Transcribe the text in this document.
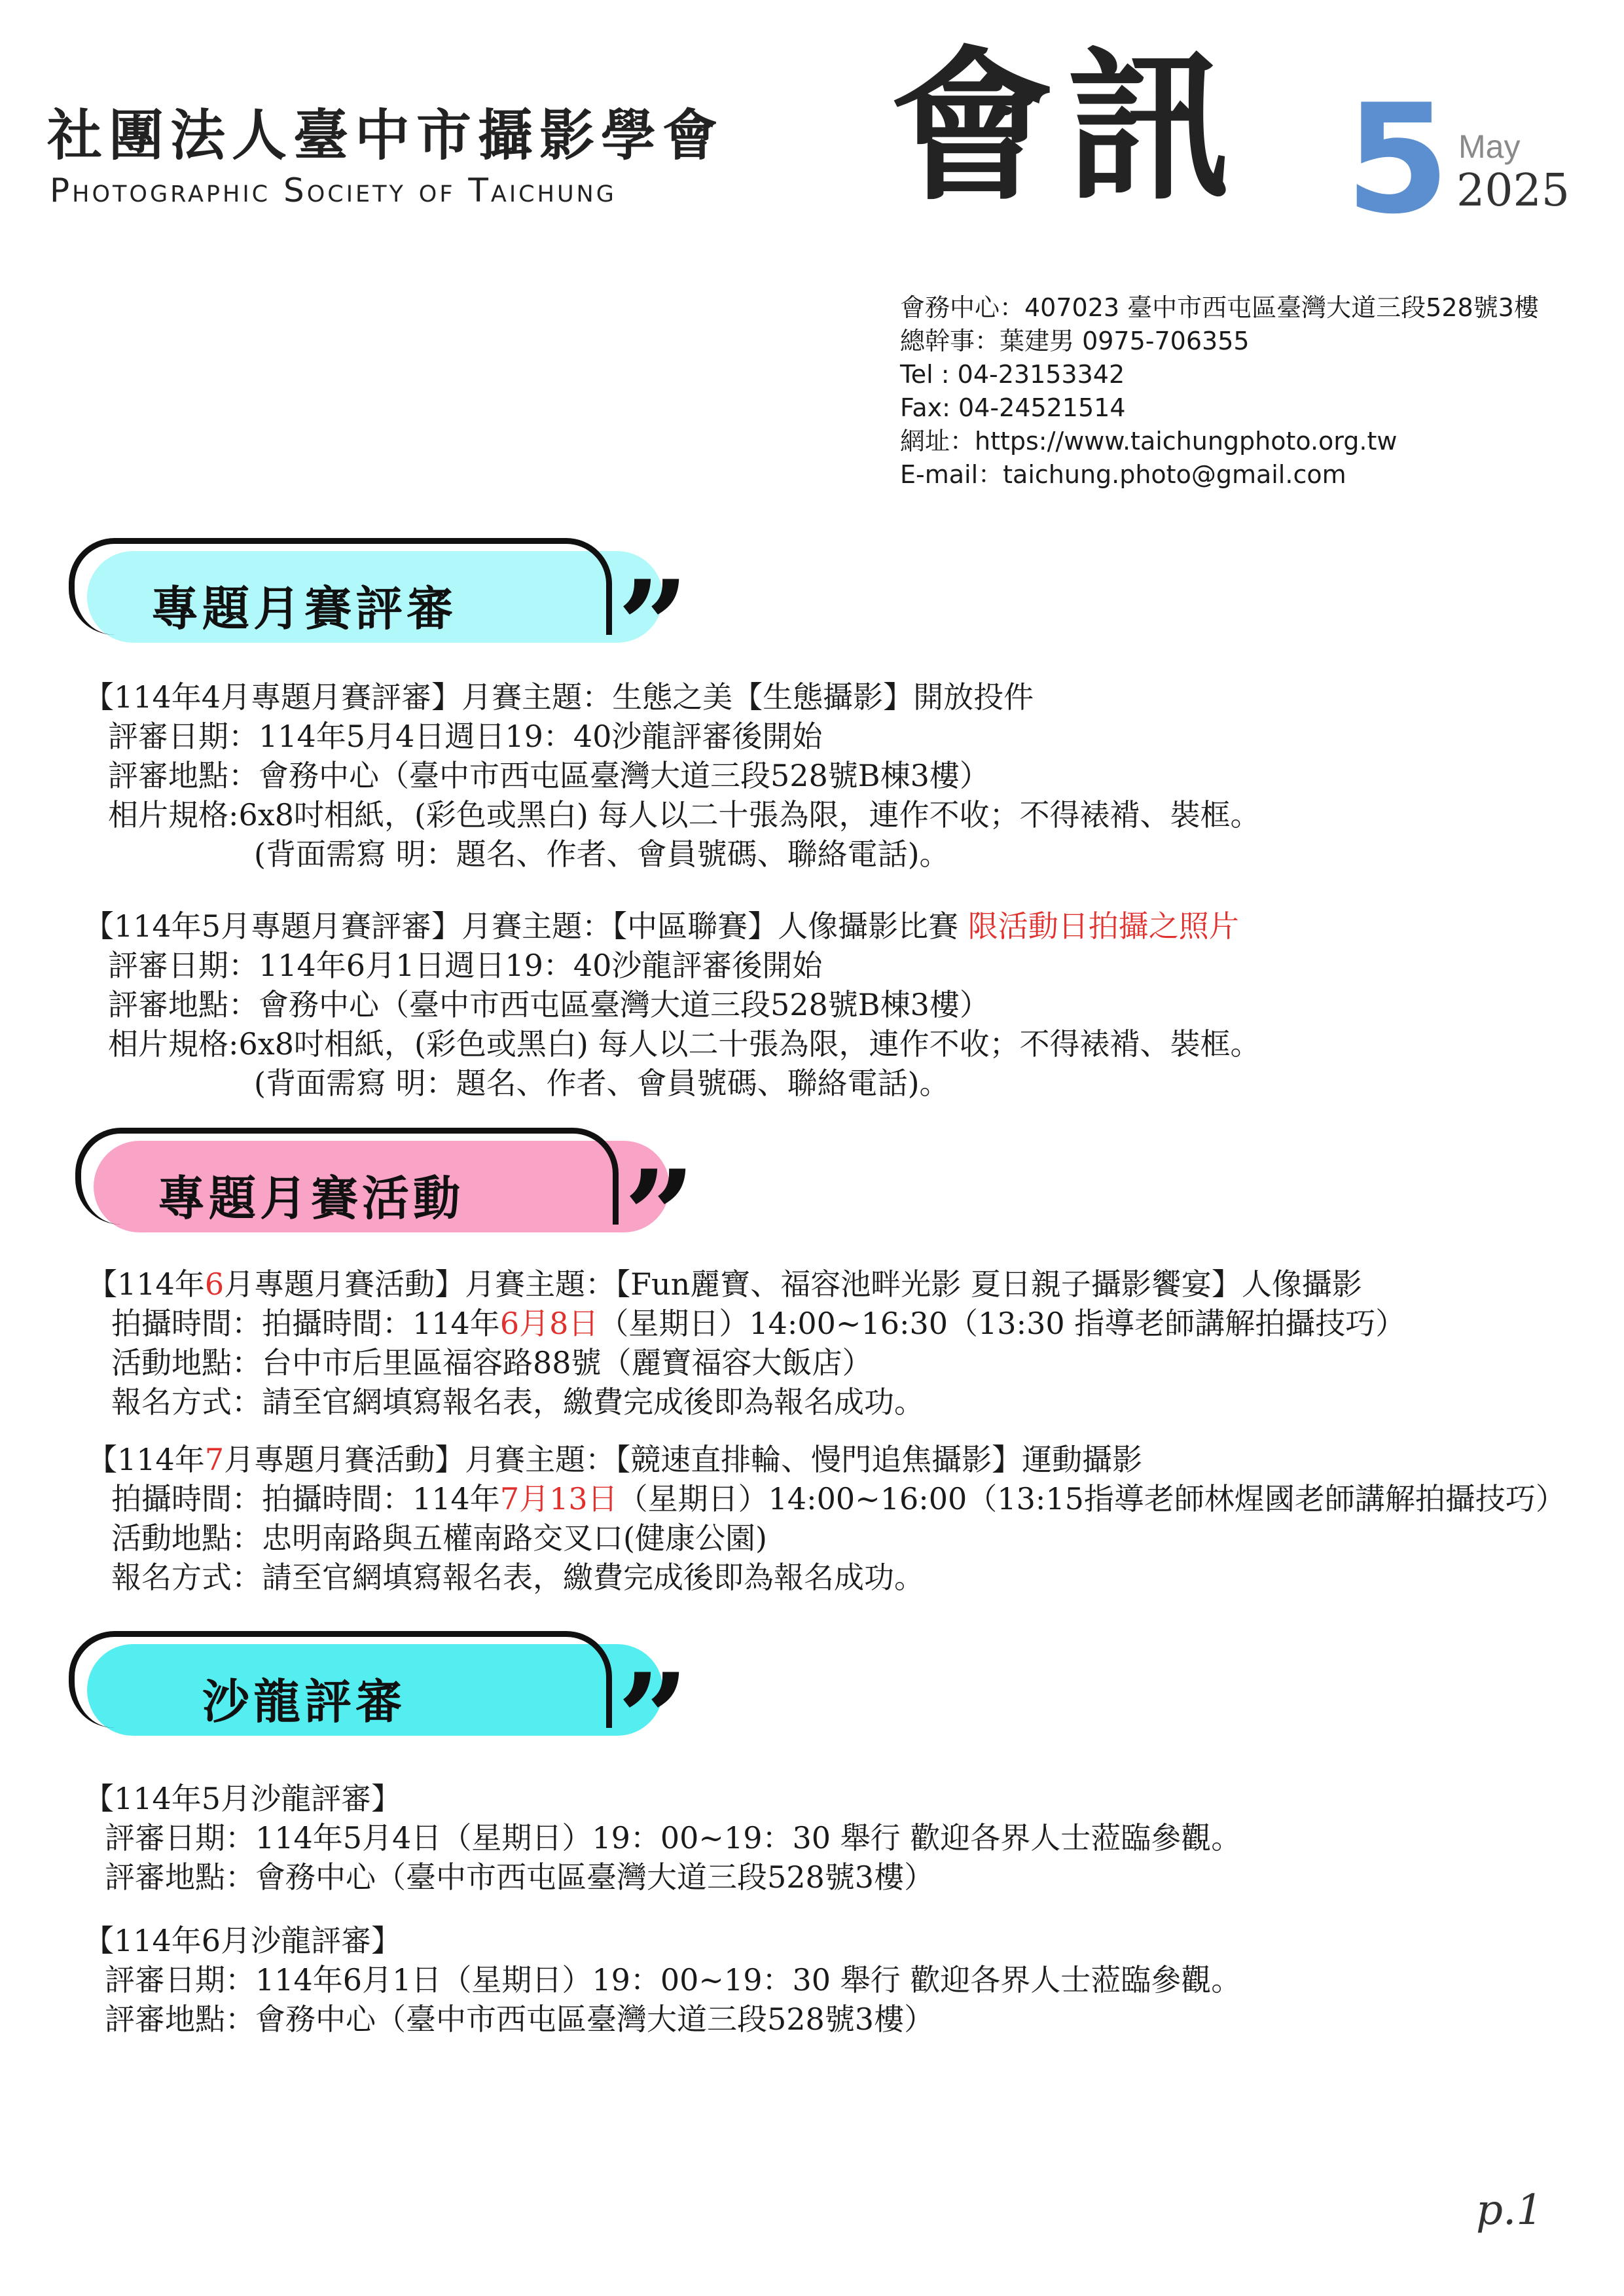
社團法人臺中市攝影學會
Photographic Society of Taichung 會訊 5 May
2025
會務中心：407023 臺中市西屯區臺灣大道三段528號3樓
總幹事：葉建男 0975-706355
Tel : 04-23153342
Fax: 04-24521514
網址：https://www.taichungphoto.org.tw
E-mail：taichung.photo@gmail.com
專題月賽評審	”
【114年4月專題月賽評審】月賽主題：生態之美【生態攝影】開放投件
評審日期：114年5月4日週日19：40沙龍評審後開始
評審地點：會務中心（臺中市西屯區臺灣大道三段528號B棟3樓）
相片規格:6x8吋相紙，(彩色或黑白) 每人以二十張為限，連作不收；不得裱褙、裝框。
(背面需寫 明：題名、作者、會員號碼、聯絡電話)。
【114年5月專題月賽評審】月賽主題：【中區聯賽】人像攝影比賽 限活動日拍攝之照片
評審日期：114年6月1日週日19：40沙龍評審後開始
評審地點：會務中心（臺中市西屯區臺灣大道三段528號B棟3樓）
相片規格:6x8吋相紙，(彩色或黑白) 每人以二十張為限，連作不收；不得裱褙、裝框。
(背面需寫 明：題名、作者、會員號碼、聯絡電話)。
專題月賽活動	”
【114年6月專題月賽活動】月賽主題：【Fun麗寶、福容池畔光影 夏日親子攝影饗宴】人像攝影
拍攝時間：拍攝時間：114年6月8日（星期日）14:00~16:30（13:30 指導老師講解拍攝技巧）
活動地點：台中市后里區福容路88號（麗寶福容大飯店）
報名方式：請至官網填寫報名表，繳費完成後即為報名成功。
【114年7月專題月賽活動】月賽主題：【競速直排輪、慢門追焦攝影】運動攝影
拍攝時間：拍攝時間：114年7月13日（星期日）14:00~16:00（13:15指導老師林煋國老師講解拍攝技巧）
活動地點：忠明南路與五權南路交叉口(健康公園)
報名方式：請至官網填寫報名表，繳費完成後即為報名成功。
沙龍評審	”
【114年5月沙龍評審】
評審日期：114年5月4日（星期日）19：00~19：30 舉行 歡迎各界人士蒞臨參觀。
評審地點：會務中心（臺中市西屯區臺灣大道三段528號3樓）
【114年6月沙龍評審】
評審日期：114年6月1日（星期日）19：00~19：30 舉行 歡迎各界人士蒞臨參觀。
評審地點：會務中心（臺中市西屯區臺灣大道三段528號3樓）
p.1
